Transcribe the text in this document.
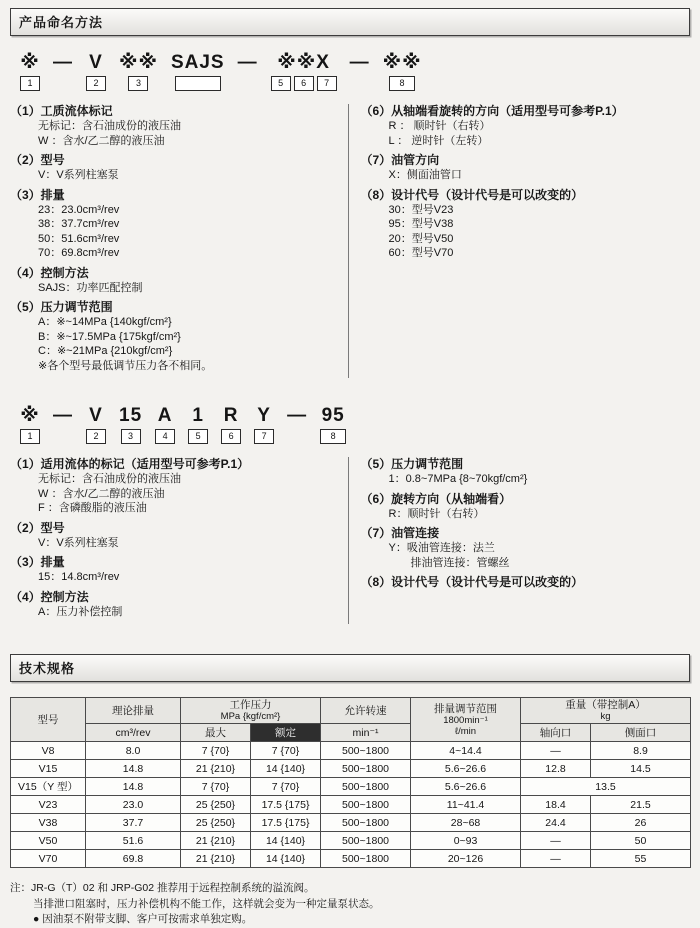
产品命名方法
※
1
— V
2
※※
3
SAJS — ※※X
5	6	7
— ※※
8
（1）工质流体标记
无标记：含石油成份的液压油
W ：含水/乙二醇的液压油
（2）型号
V：V系列柱塞泵
（3）排量
23：23.0cm³/rev
38：37.7cm³/rev
50：51.6cm³/rev
70：69.8cm³/rev
（4）控制方法
SAJS：功率匹配控制
（5）压力调节范围
A：※~14MPa {140kgf/cm²}
B：※~17.5MPa {175kgf/cm²}
C：※~21MPa {210kgf/cm²}
※各个型号最低调节压力各不相同。
（6）从轴端看旋转的方向（适用型号可参考P.1）
R ： 顺时针（右转）
L ： 逆时针（左转）
（7）油管方向
X：侧面油管口
（8）设计代号（设计代号是可以改变的）
30：型号V23
95：型号V38
20：型号V50
60：型号V70
※
1
— V
2
15
3
A
4
1
5
R
6
Y
7
— 95
8
（1）适用流体的标记（适用型号可参考P.1）
无标记：含石油成份的液压油
W ：含水/乙二醇的液压油
F ：含磷酸脂的液压油
（2）型号
V：V系列柱塞泵
（3）排量
15：14.8cm³/rev
（4）控制方法
A：压力补偿控制
（5）压力调节范围
1：0.8~7MPa {8~70kgf/cm²}
（6）旋转方向（从轴端看）
R：顺时针（右转）
（7）油管连接
Y：吸油管连接：法兰
　　排油管连接：管螺丝
（8）设计代号（设计代号是可以改变的）
技术规格
型号	理论排量	工作压力
MPa {kgf/cm²}	允许转速	排量调节范围
1800min⁻¹
ℓ/min

重量（带控制A）
kg

	cm³/rev	最大	额定	min⁻¹		轴向口	侧面口
V8	8.0	7 {70}	7 {70}	500~1800	4~14.4	—	8.9
V15	14.8	21 {210}	14 {140}	500~1800	5.6~26.6	12.8	14.5
V15（Y 型）	14.8	7 {70}	7 {70}	500~1800	5.6~26.6	13.5	
V23	23.0	25 {250}	17.5 {175}	500~1800	11~41.4	18.4	21.5
V38	37.7	25 {250}	17.5 {175}	500~1800	28~68	24.4	26
V50	51.6	21 {210}	14 {140}	500~1800	0~93	—	50
V70	69.8	21 {210}	14 {140}	500~1800	20~126	—	55
注：JR-G（T）02 和 JRP-G02 推荐用于远程控制系统的溢流阀。
当排泄口阻塞时，压力补偿机构不能工作，这样就会变为一种定量泵状态。
● 因油泵不附带支脚、客户可按需求单独定购。
